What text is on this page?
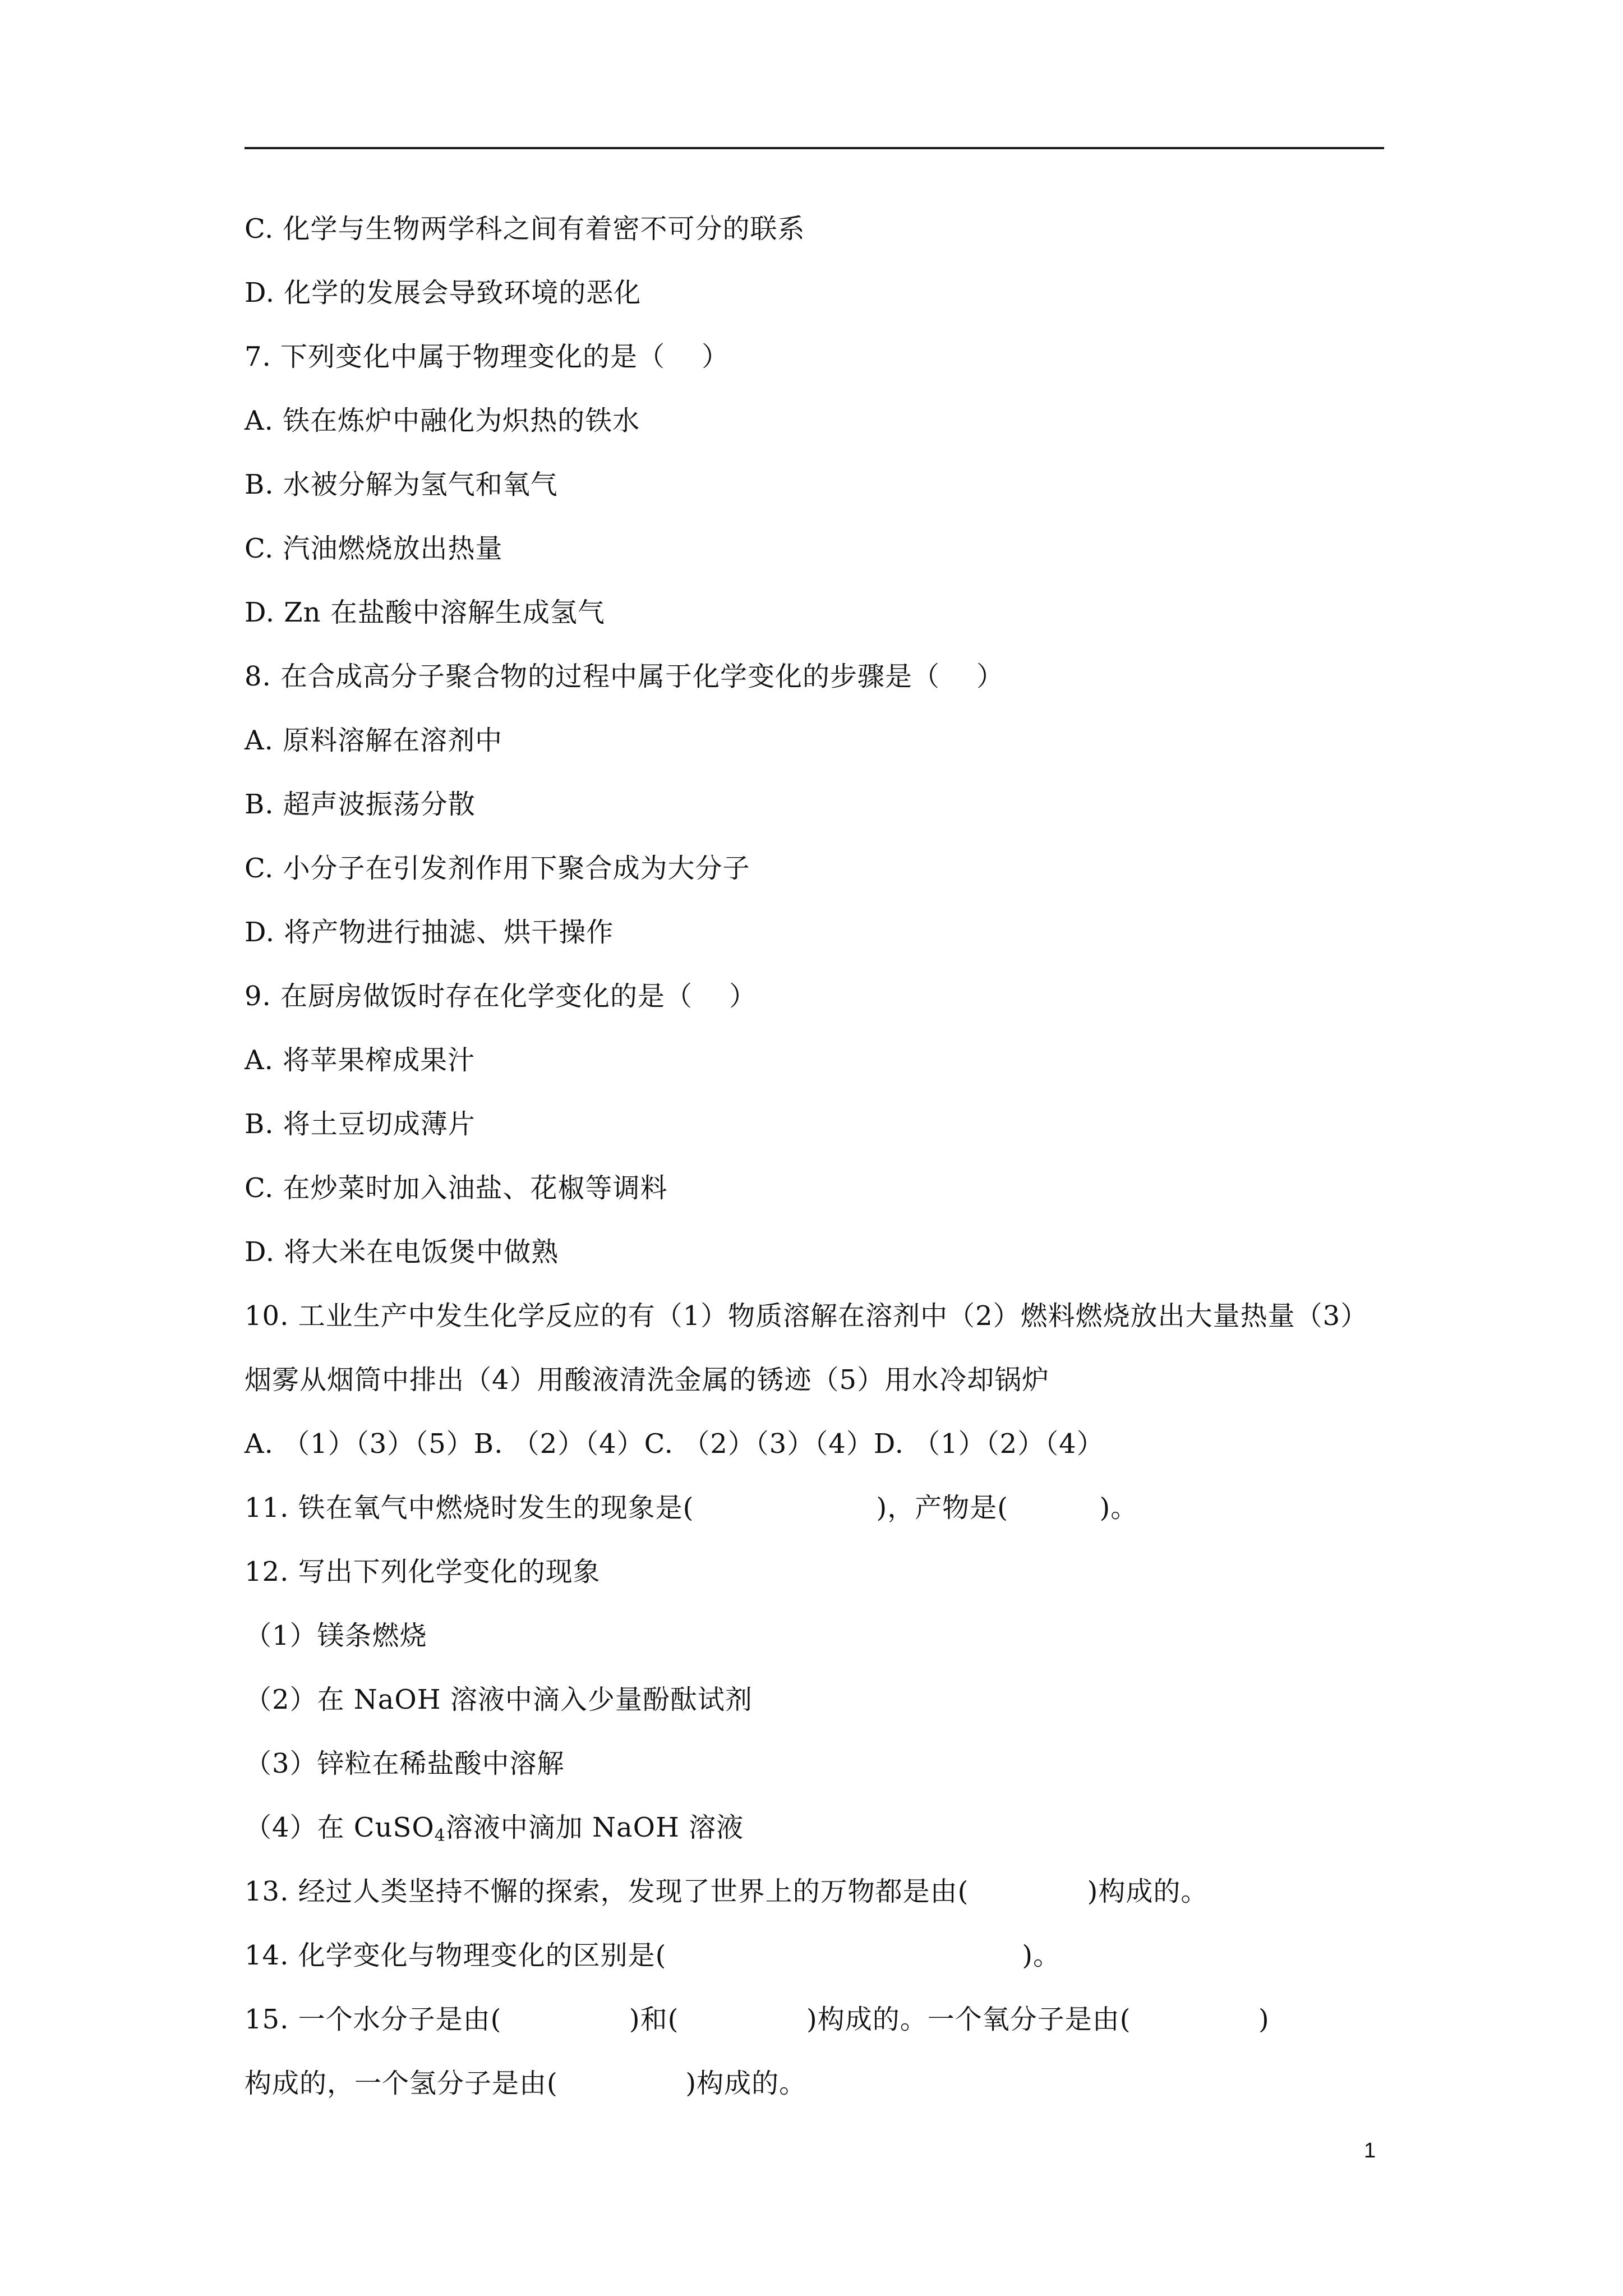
C. 化学与生物两学科之间有着密不可分的联系
D. 化学的发展会导致环境的恶化
7. 下列变化中属于物理变化的是（    ）
A. 铁在炼炉中融化为炽热的铁水
B. 水被分解为氢气和氧气
C. 汽油燃烧放出热量
D. Zn 在盐酸中溶解生成氢气
8. 在合成高分子聚合物的过程中属于化学变化的步骤是（    ）
A. 原料溶解在溶剂中
B. 超声波振荡分散
C. 小分子在引发剂作用下聚合成为大分子
D. 将产物进行抽滤、烘干操作
9. 在厨房做饭时存在化学变化的是（    ）
A. 将苹果榨成果汁
B. 将土豆切成薄片
C. 在炒菜时加入油盐、花椒等调料
D. 将大米在电饭煲中做熟
10. 工业生产中发生化学反应的有（1）物质溶解在溶剂中（2）燃料燃烧放出大量热量（3）
烟雾从烟筒中排出（4）用酸液清洗金属的锈迹（5）用水冷却锅炉
A. （1）（3）（5）B. （2）（4）C. （2）（3）（4）D. （1）（2）（4）
11. 铁在氧气中燃烧时发生的现象是(                    )，产物是(          )。
12. 写出下列化学变化的现象
（1）镁条燃烧
（2）在 NaOH 溶液中滴入少量酚酞试剂
（3）锌粒在稀盐酸中溶解
（4）在 CuSO$_4$溶液中滴加 NaOH 溶液
13. 经过人类坚持不懈的探索，发现了世界上的万物都是由(             )构成的。
14. 化学变化与物理变化的区别是(                                       )。
15. 一个水分子是由(              )和(              )构成的。一个氧分子是由(              )
构成的，一个氢分子是由(              )构成的。
1
